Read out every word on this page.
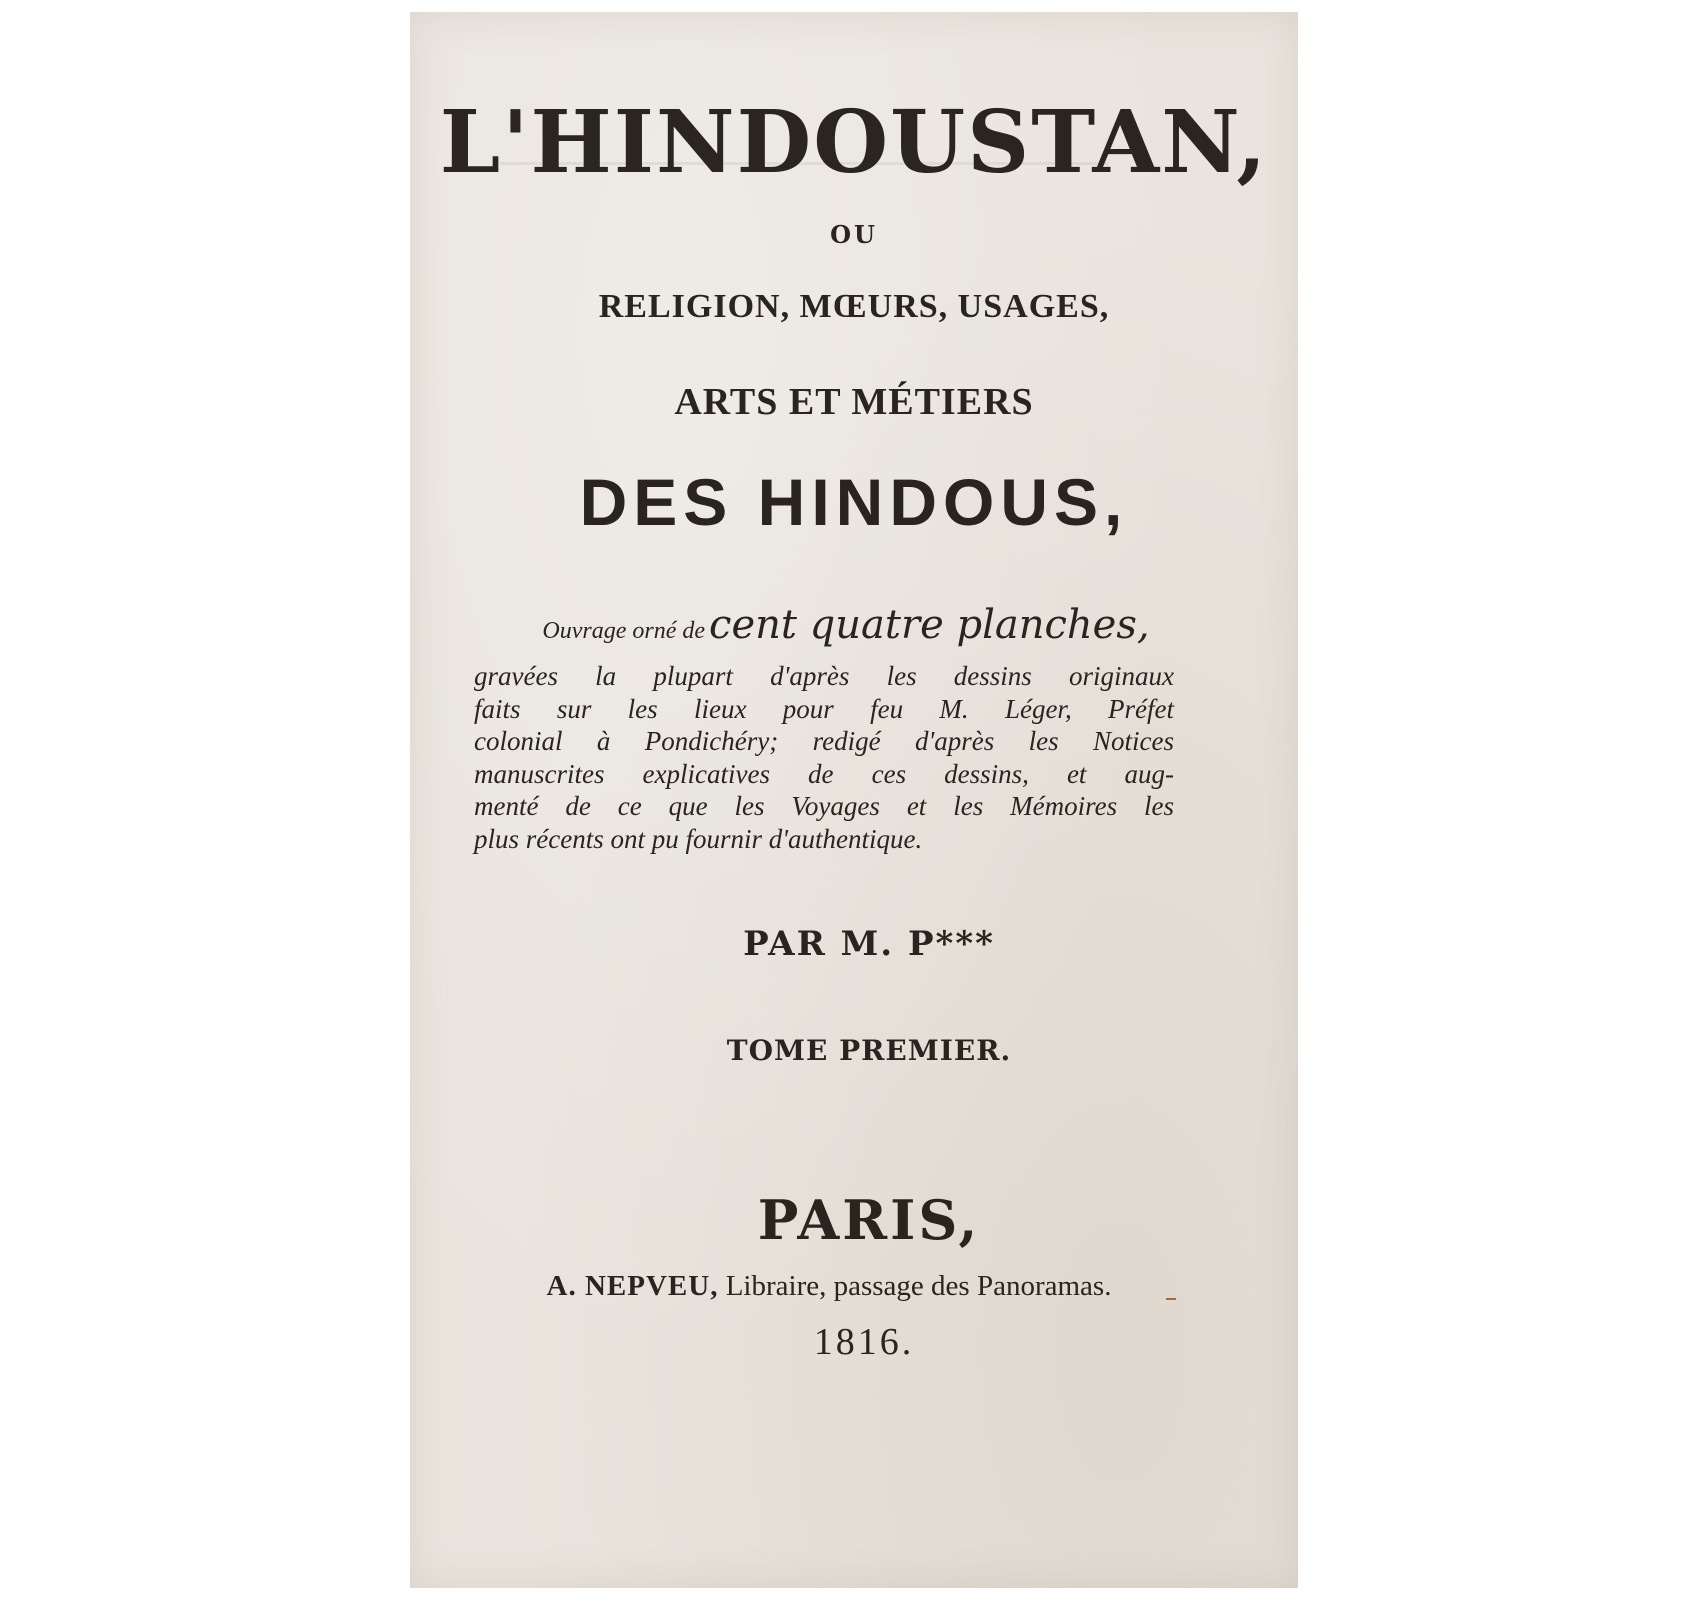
L'HINDOUSTAN,
OU
RELIGION, MŒURS, USAGES,
ARTS ET MÉTIERS
DES HINDOUS,
Ouvrage orné de cent quatre planches,
gravées la plupart d'après les dessins originaux
faits sur les lieux pour feu M. Léger, Préfet
colonial à Pondichéry; redigé d'après les Notices
manuscrites explicatives de ces dessins, et aug-
menté de ce que les Voyages et les Mémoires les
plus récents ont pu fournir d'authentique.
PAR M. P***
TOME PREMIER.
PARIS,
A. NEPVEU, Libraire, passage des Panoramas.
1816.
